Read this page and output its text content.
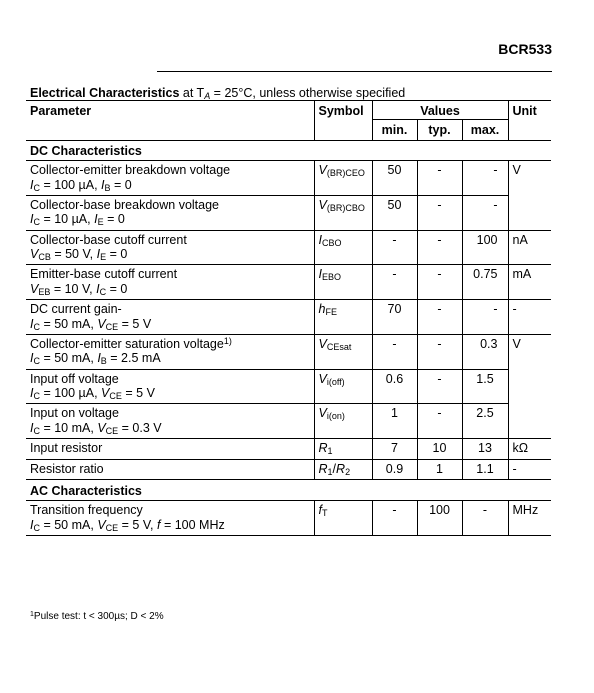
BCR533
Electrical Characteristics at $T_A = 25^\circ C$, unless otherwise specified
Parameter	Symbol	Values			Unit
		min.	typ.	max.	
DC Characteristics					
Collector-emitter breakdown voltage	$V_{(BR)CEO}$	50	-	-	V
$I_C = 100$ µA, $I_B = 0$					
Collector-base breakdown voltage	$V_{(BR)CBO}$	50	-	-	
$I_C = 10$ µA, $I_E = 0$					
Collector-base cutoff current	$I_{CBO}$	-	-	100	nA
$V_{CB} = 50$ V, $I_E = 0$					
Emitter-base cutoff current	$I_{EBO}$	-	-	0.75	mA
$V_{EB} = 10$ V, $I_C = 0$					
DC current gain-	$h_{FE}$	70	-	-	-
$I_C = 50$ mA, $V_{CE} = 5$ V					
Collector-emitter saturation voltage$^{1)}$	$V_{CEsat}$	-	-	0.3	V
$I_C = 50$ mA, $I_B = 2.5$ mA					
Input off voltage	$V_{i(off)}$	0.6	-	1.5	
$I_C = 100$ µA, $V_{CE} = 5$ V					
Input on voltage	$V_{i(on)}$	1	-	2.5	
$I_C = 10$ mA, $V_{CE} = 0.3$ V					
Input resistor	$R_1$	7	10	13	kΩ
Resistor ratio	$R_1/R_2$	0.9	1	1.1	-
AC Characteristics					
Transition frequency	$f_T$	-	100	-	MHz
$I_C = 50$ mA, $V_{CE} = 5$ V, f = 100 MHz					
$^1$Pulse test: t < 300µs; D < 2%
